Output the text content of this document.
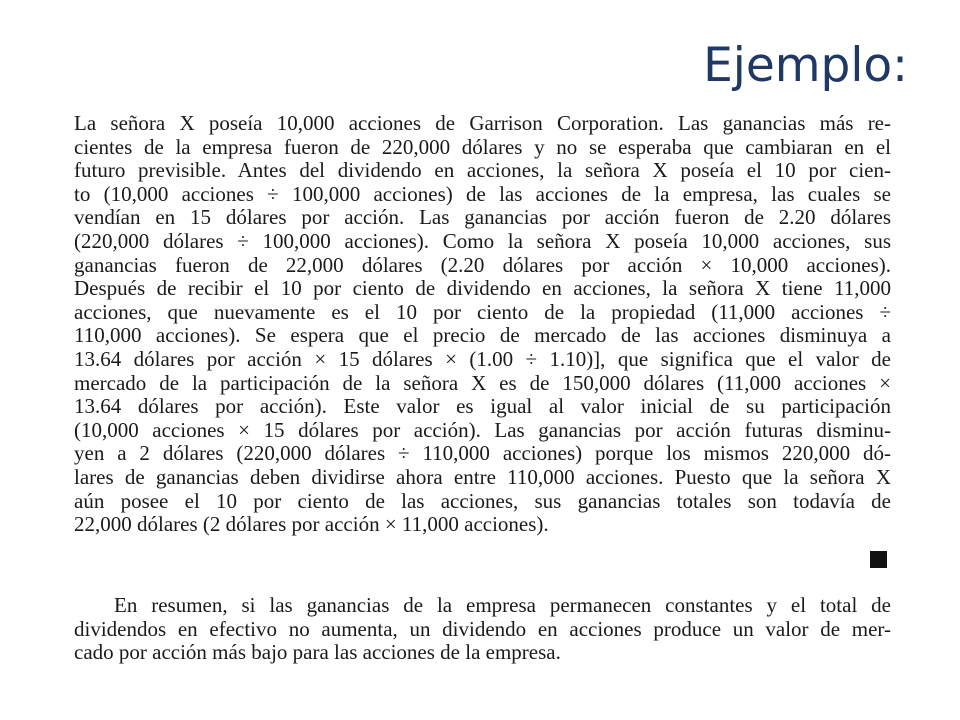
Ejemplo:
La señora X poseía 10,000 acciones de Garrison Corporation. Las ganancias más re-
cientes de la empresa fueron de 220,000 dólares y no se esperaba que cambiaran en el
futuro previsible. Antes del dividendo en acciones, la señora X poseía el 10 por cien-
to (10,000 acciones ÷ 100,000 acciones) de las acciones de la empresa, las cuales se
vendían en 15 dólares por acción. Las ganancias por acción fueron de 2.20 dólares
(220,000 dólares ÷ 100,000 acciones). Como la señora X poseía 10,000 acciones, sus
ganancias fueron de 22,000 dólares (2.20 dólares por acción × 10,000 acciones).
Después de recibir el 10 por ciento de dividendo en acciones, la señora X tiene 11,000
acciones, que nuevamente es el 10 por ciento de la propiedad (11,000 acciones ÷
110,000 acciones). Se espera que el precio de mercado de las acciones disminuya a
13.64 dólares por acción × 15 dólares × (1.00 ÷ 1.10)], que significa que el valor de
mercado de la participación de la señora X es de 150,000 dólares (11,000 acciones ×
13.64 dólares por acción). Este valor es igual al valor inicial de su participación
(10,000 acciones × 15 dólares por acción). Las ganancias por acción futuras disminu-
yen a 2 dólares (220,000 dólares ÷ 110,000 acciones) porque los mismos 220,000 dó-
lares de ganancias deben dividirse ahora entre 110,000 acciones. Puesto que la señora X
aún posee el 10 por ciento de las acciones, sus ganancias totales son todavía de
22,000 dólares (2 dólares por acción × 11,000 acciones).
En resumen, si las ganancias de la empresa permanecen constantes y el total de
dividendos en efectivo no aumenta, un dividendo en acciones produce un valor de mer-
cado por acción más bajo para las acciones de la empresa.
